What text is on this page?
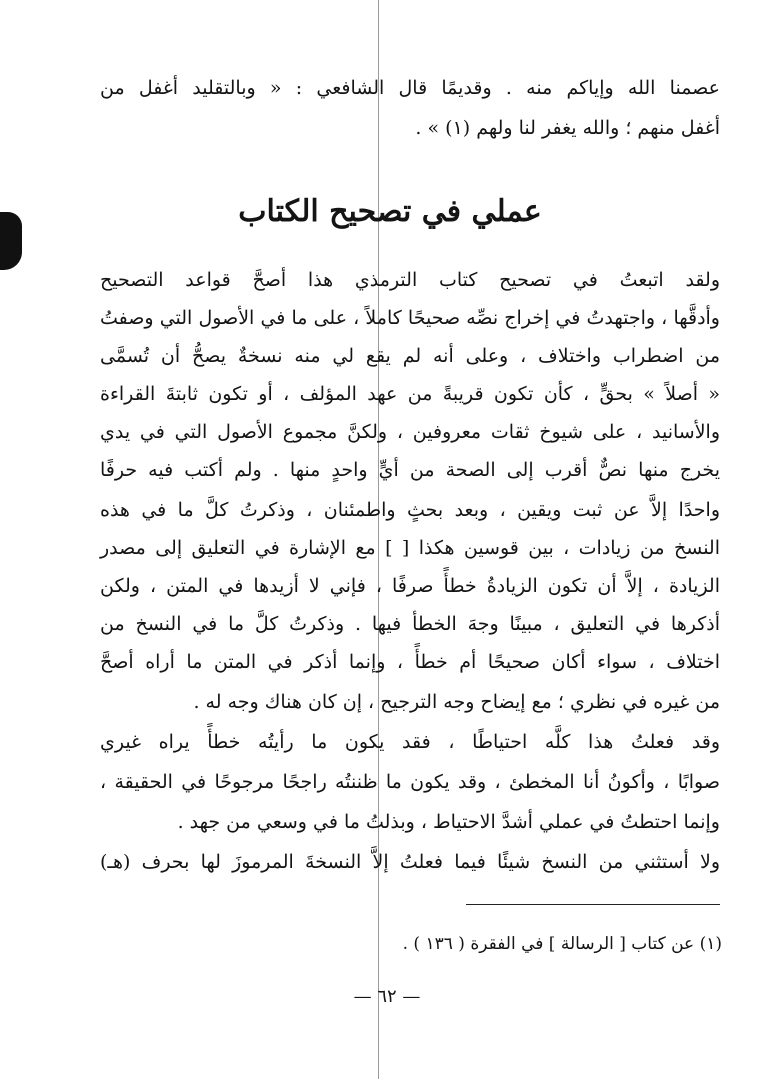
عصمنا الله وإياكم منه . وقديمًا قال الشافعي : « وبالتقليد أغفل من
أغفل منهم ؛ والله يغفر لنا ولهم (١) » .
عملي في تصحيح الكتاب
ولقد اتبعتُ في تصحيح كتاب الترمذي هذا أصحَّ قواعد التصحيح
وأدقَّها ، واجتهدتُ في إخراج نصِّه صحيحًا كاملاً ، على ما في الأصول التي وصفتُ
من اضطراب واختلاف ، وعلى أنه لم يقع لي منه نسخةٌ يصحُّ أن تُسمَّى
« أصلاً » بحقٍّ ، كأن تكون قريبةً من عهد المؤلف ، أو تكون ثابتةَ القراءة
والأسانيد ، على شيوخ ثقات معروفين ، ولكنَّ مجموع الأصول التي في يدي
يخرج منها نصٌّ أقرب إلى الصحة من أيٍّ واحدٍ منها . ولم أكتب فيه حرفًا
واحدًا إلاَّ عن ثبت ويقين ، وبعد بحثٍ واطمئنان ، وذكرتُ كلَّ ما في هذه
النسخ من زيادات ، بين قوسين هكذا [ ] مع الإشارة في التعليق إلى مصدر
الزيادة ، إلاَّ أن تكون الزيادةُ خطأً صرفًا ، فإني لا أزيدها في المتن ، ولكن
أذكرها في التعليق ، مبينًا وجهَ الخطأ فيها . وذكرتُ كلَّ ما في النسخ من
اختلاف ، سواء أكان صحيحًا أم خطأً ، وإنما أذكر في المتن ما أراه أصحَّ
من غيره في نظري ؛ مع إيضاح وجه الترجيح ، إن كان هناك وجه له .
وقد فعلتُ هذا كلَّه احتياطًا ، فقد يكون ما رأيتُه خطأً يراه غيري
صوابًا ، وأكونُ أنا المخطئ ، وقد يكون ما ظننتُه راجحًا مرجوحًا في الحقيقة ،
وإنما احتطتُ في عملي أشدَّ الاحتياط ، وبذلتُ ما في وسعي من جهد .
ولا أستثني من النسخ شيئًا فيما فعلتُ إلاَّ النسخةَ المرموزَ لها بحرف (هـ)
(١) عن كتاب [ الرسالة ] في الفقرة ( ١٣٦ ) .
— ٦٢ —
